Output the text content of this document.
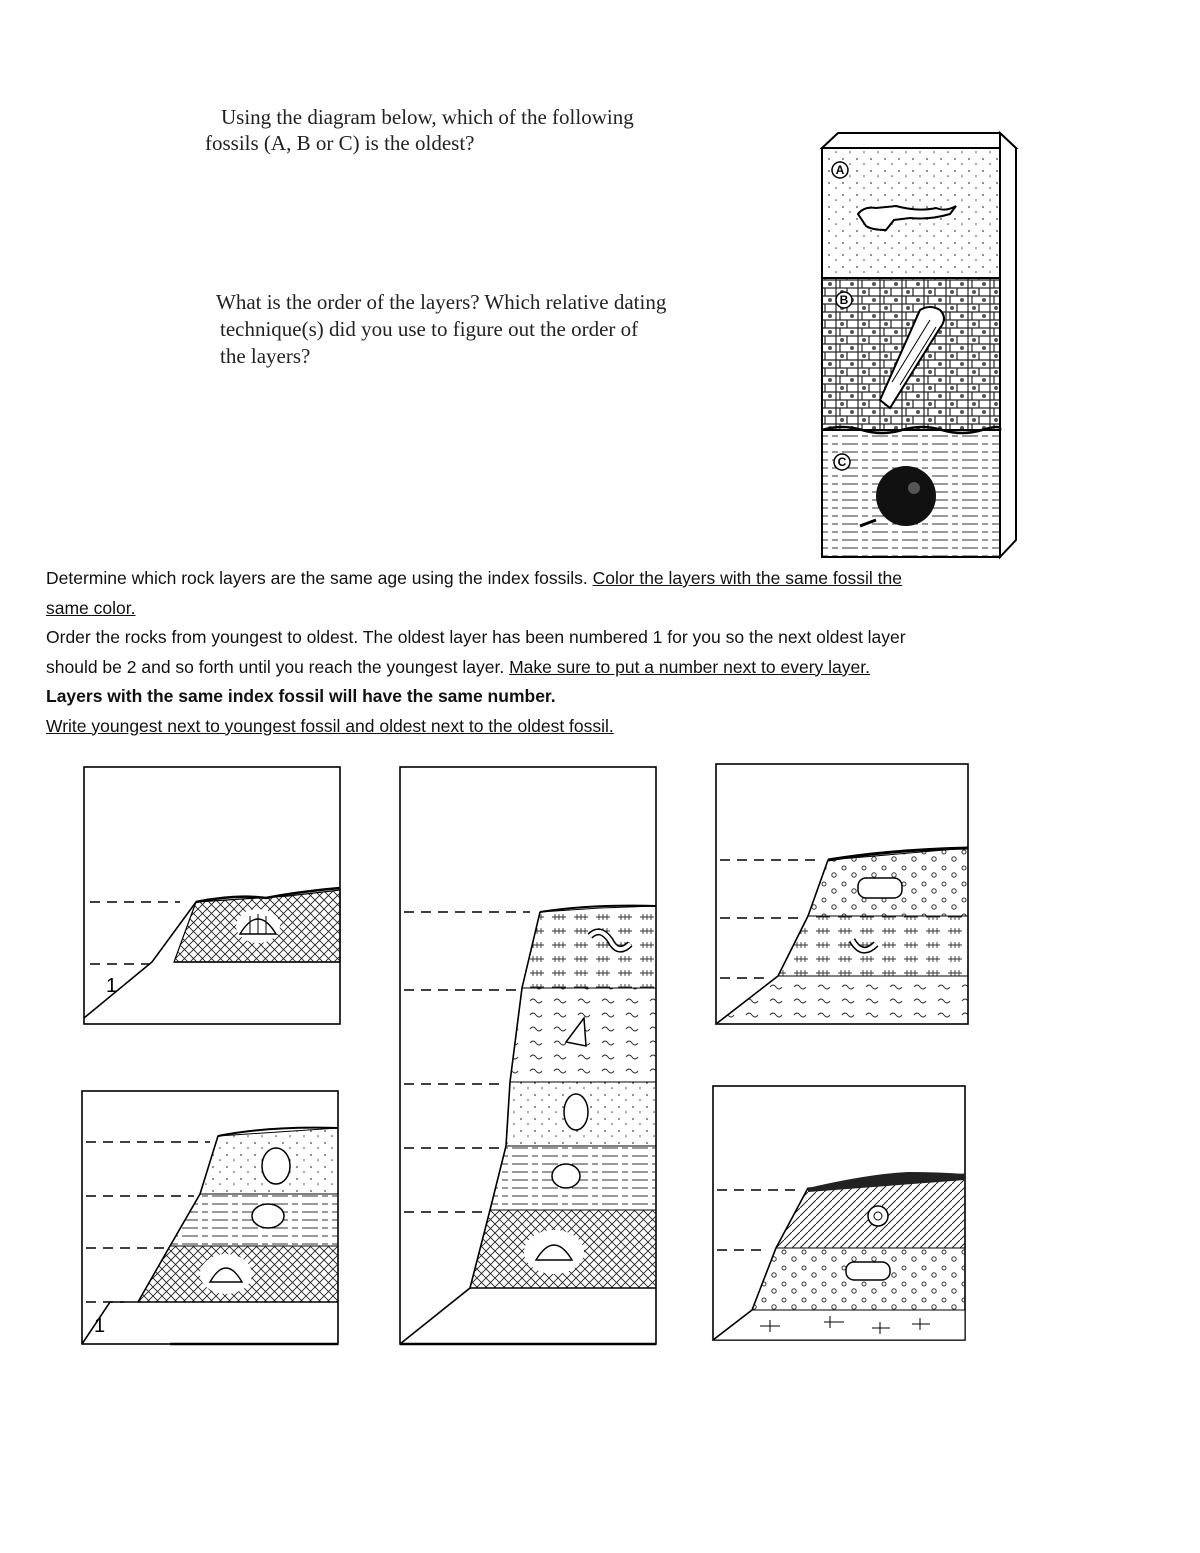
Using the diagram below, which of the following
fossils (A, B or C) is the oldest?
What is the order of the layers? Which relative dating
technique(s) did you use to figure out the order of
the layers?

Determine which rock layers are the same age using the index fossils. Color the layers with the same fossil the
same color.

Order the rocks from youngest to oldest. The oldest layer has been numbered 1 for you so the next oldest layer
should be 2 and so forth until you reach the youngest layer. Make sure to put a number next to every layer.

Layers with the same index fossil will have the same number.

Write youngest next to youngest fossil and oldest next to the oldest fossil.

A
B
C
1
1
